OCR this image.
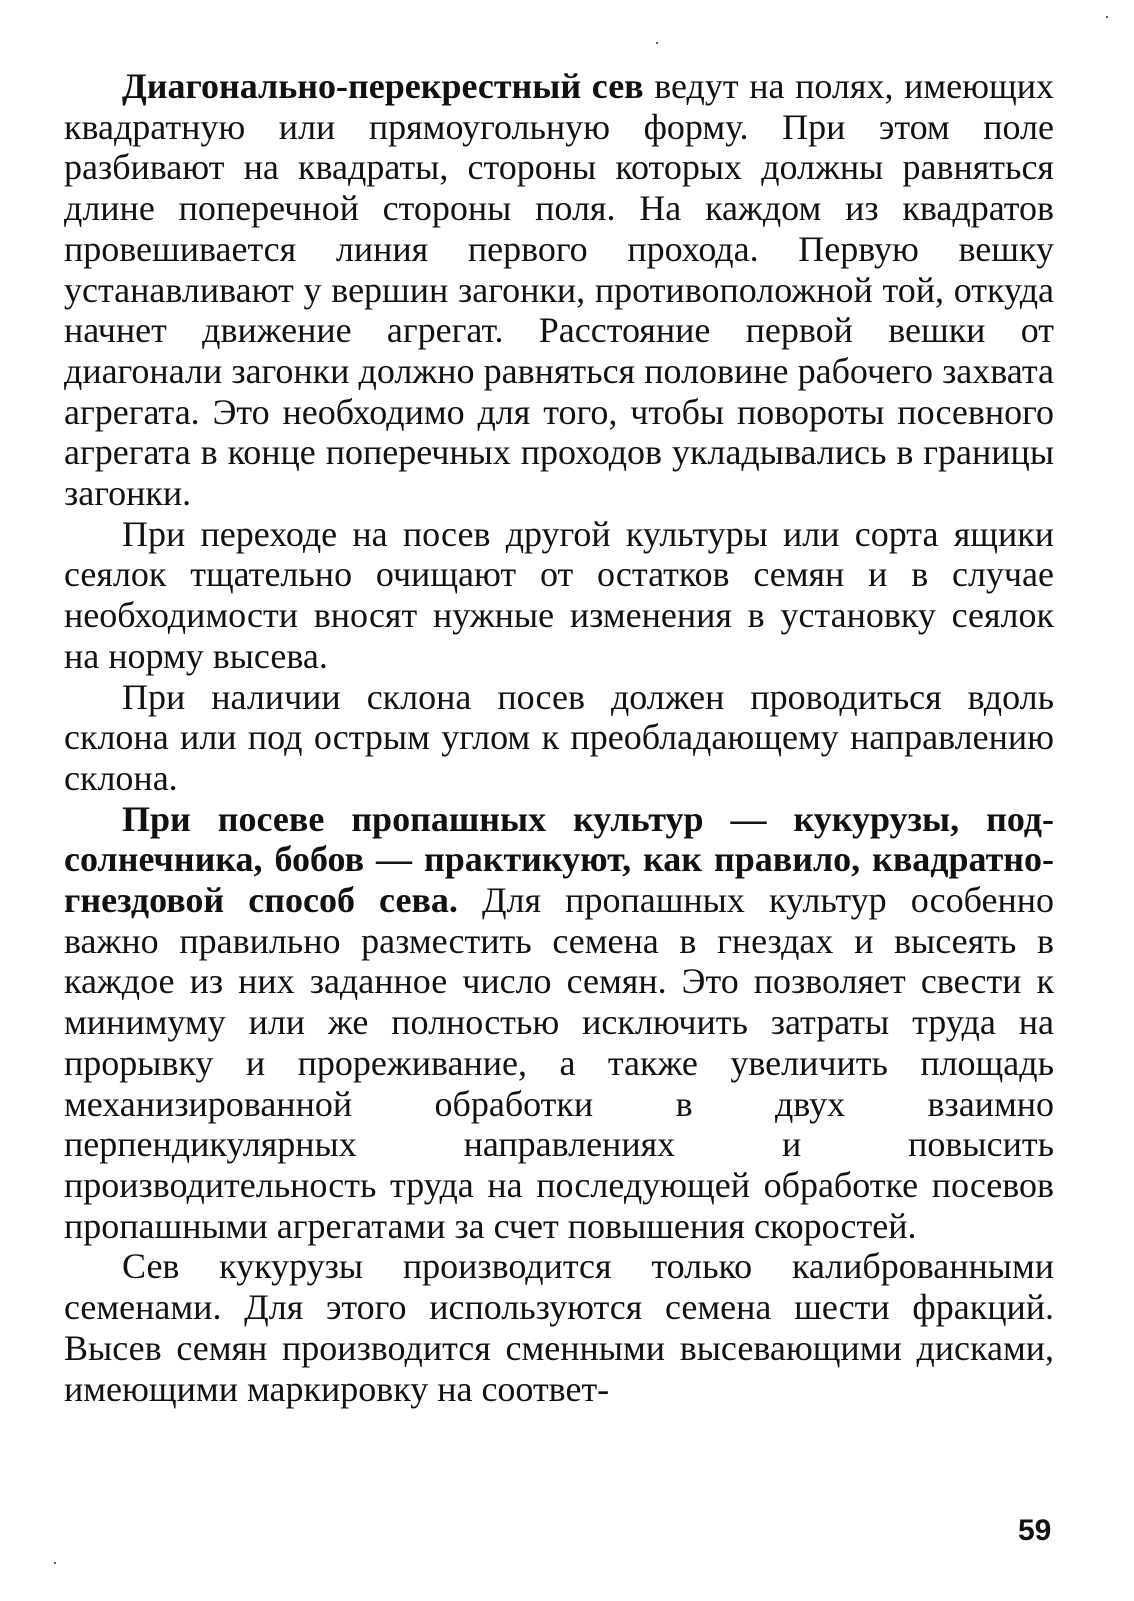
Диагонально-перекрестный сев ведут на полях, имеющих квадратную или прямоугольную форму. При этом поле разбивают на квадраты, стороны которых должны равняться длине поперечной стороны поля. На каждом из квадратов провешивается линия первого прохода. Первую вешку устанавливают у вершин загонки, противоположной той, откуда начнет движение агрегат. Расстояние первой вешки от диагонали загонки должно равняться половине рабочего захвата агрегата. Это необходимо для того, чтобы повороты посевного агрегата в конце поперечных проходов укладывались в границы загонки.

При переходе на посев другой культуры или сорта ящики сеялок тщательно очищают от остатков семян и в случае необходимости вносят нужные изменения в установку сеялок на норму высева.

При наличии склона посев должен проводиться вдоль склона или под острым углом к преобладающему направлению склона.

При посеве пропашных культур — кукурузы, подсолнечника, бобов — практикуют, как правило, квадратно-гнездовой способ сева. Для пропашных культур особенно важно правильно разместить семена в гнездах и высеять в каждое из них заданное число семян. Это позволяет свести к минимуму или же полностью исключить затраты труда на прорывку и прореживание, а также увеличить площадь механизированной обработки в двух взаимно перпендикулярных направлениях и повысить производительность труда на последующей обработке посевов пропашными агрегатами за счет повышения скоростей.

Сев кукурузы производится только калиброванными семенами. Для этого используются семена шести фракций. Высев семян производится сменными высевающими дисками, имеющими маркировку на соответ-

59
